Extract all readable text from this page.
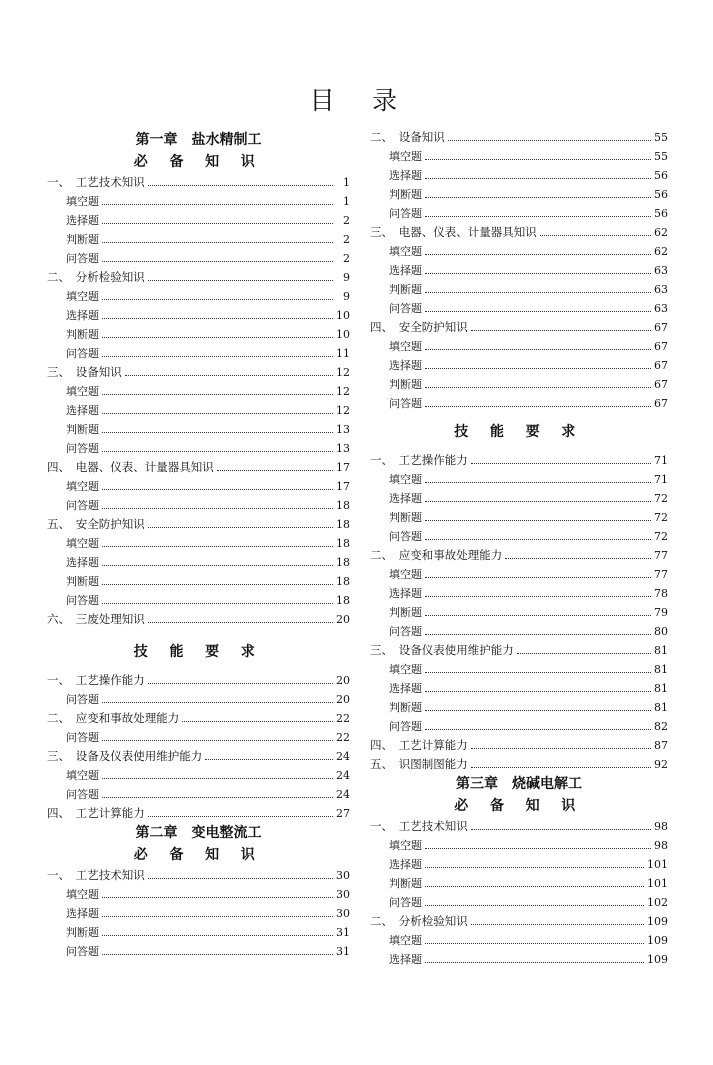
目　录
第一章　盐水精制工
必 备 知 识
一、　工艺技术知识	1
填空题	1
选择题	2
判断题	2
问答题	2
二、　分析检验知识	9
填空题	9
选择题	10
判断题	10
问答题	11
三、　设备知识	12
填空题	12
选择题	12
判断题	13
问答题	13
四、　电器、仪表、计量器具知识	17
填空题	17
问答题	18
五、　安全防护知识	18
填空题	18
选择题	18
判断题	18
问答题	18
六、　三废处理知识	20
技 能 要 求
一、　工艺操作能力	20
问答题	20
二、　应变和事故处理能力	22
问答题	22
三、　设备及仪表使用维护能力	24
填空题	24
问答题	24
四、　工艺计算能力	27
第二章　变电整流工
必 备 知 识
一、　工艺技术知识	30
填空题	30
选择题	30
判断题	31
问答题	31
二、　设备知识	55
填空题	55
选择题	56
判断题	56
问答题	56
三、　电器、仪表、计量器具知识	62
填空题	62
选择题	63
判断题	63
问答题	63
四、　安全防护知识	67
填空题	67
选择题	67
判断题	67
问答题	67
技 能 要 求
一、　工艺操作能力	71
填空题	71
选择题	72
判断题	72
问答题	72
二、　应变和事故处理能力	77
填空题	77
选择题	78
判断题	79
问答题	80
三、　设备仪表使用维护能力	81
填空题	81
选择题	81
判断题	81
问答题	82
四、　工艺计算能力	87
五、　识图制图能力	92
第三章　烧碱电解工
必 备 知 识
一、　工艺技术知识	98
填空题	98
选择题	101
判断题	101
问答题	102
二、　分析检验知识	109
填空题	109
选择题	109
